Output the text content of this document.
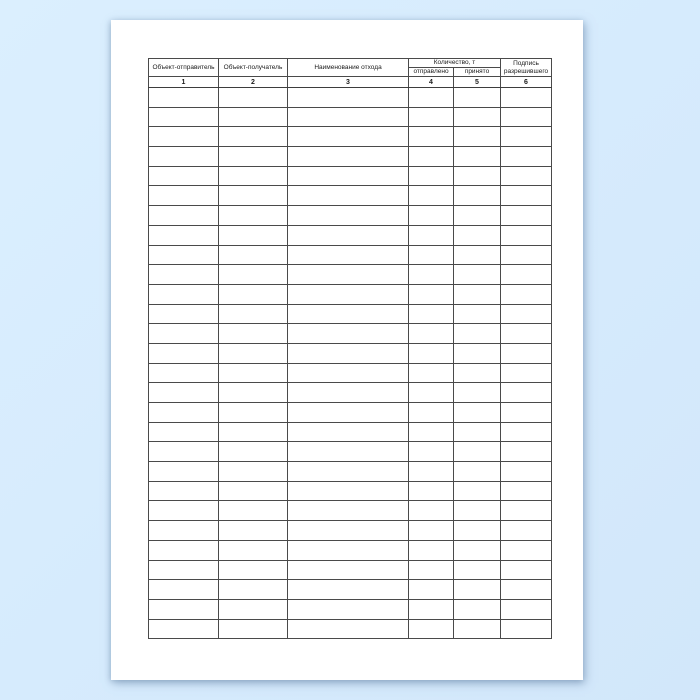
Объект-отправитель	Объект-получатель	Наименование отхода	Количество, т		Подпись
разрешившего
			отправлено	принято	
1	2	3	4	5	6
